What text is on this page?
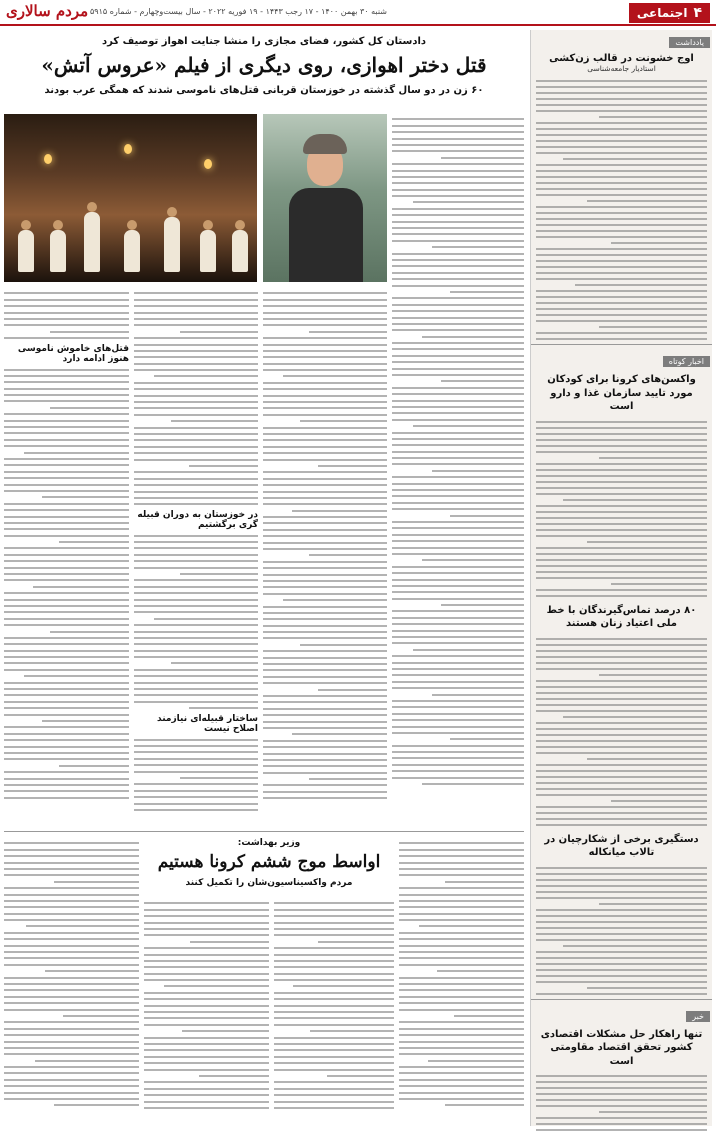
۴
اجتماعی
شنبه ۳۰ بهمن ۱۴۰۰ - ۱۷ رجب ۱۴۴۳ - ۱۹ فوریه ۲۰۲۲ - سال بیست‌وچهارم - شماره ۵۹۱۵
مردم سالاری
یادداشت
اوج خشونت در قالب زن‌کشی
استادیار جامعه‌شناسی
اخبار کوتاه
واکسن‌های کرونا برای کودکان مورد تایید سازمان غذا و دارو است
۸۰ درصد تماس‌گیرندگان با خط ملی اعتیاد زنان هستند
دستگیری برخی از شکارچیان در تالاب میانکاله
خبر
تنها راهکار حل مشکلات اقتصادی کشور تحقق اقتصاد مقاومتی است
دادستان کل کشور، فضای مجازی را منشا جنایت اهواز توصیف کرد
قتل دختر اهوازی، روی دیگری از فیلم «عروس آتش»
۶۰ زن در دو سال گذشته در خوزستان قربانی قتل‌های ناموسی شدند که همگی عرب بودند
در خوزستان به دوران قبیله گری برگشتیم
ساختار قبیله‌ای نیازمند اصلاح نیست
قتل‌های خاموش ناموسی هنوز ادامه دارد
وزیر بهداشت:
اواسط موج ششم کرونا هستیم
مردم واکسیناسیون‌شان را تکمیل کنند
